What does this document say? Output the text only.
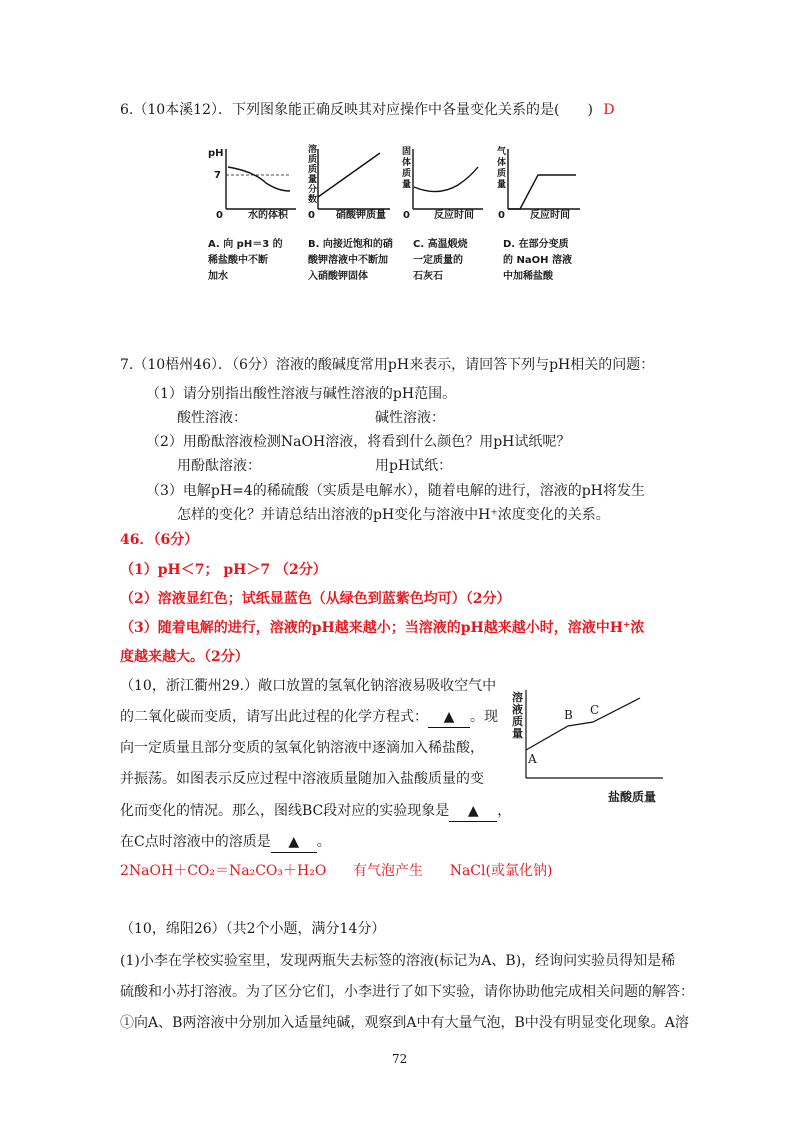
6.（10本溪12）．下列图象能正确反映其对应操作中各量变化关系的是(　　) D
pH
7
0	水的体积
溶质质量分数
0 硝酸钾质量
固体质量
0 反应时间
气体质量
0	反应时间
A. 向 pH＝3 的
稀盐酸中不断
加水
B. 向接近饱和的硝
酸钾溶液中不断加
入硝酸钾固体
C. 高温煅烧
一定质量的
石灰石
D. 在部分变质
的 NaOH 溶液
中加稀盐酸
7.（10梧州46）．（6分）溶液的酸碱度常用pH来表示，请回答下列与pH相关的问题：
（1）请分别指出酸性溶液与碱性溶液的pH范围。
酸性溶液：	碱性溶液：
（2）用酚酞溶液检测NaOH溶液，将看到什么颜色？用pH试纸呢？
用酚酞溶液：	用pH试纸：
（3）电解pH=4的稀硫酸（实质是电解水），随着电解的进行，溶液的pH将发生
怎样的变化？并请总结出溶液的pH变化与溶液中H⁺浓度变化的关系。
46．（6分）
（1）pH＜7； pH＞7 （2分）
（2）溶液显红色；试纸显蓝色（从绿色到蓝紫色均可）（2分）
（3）随着电解的进行，溶液的pH越来越小；当溶液的pH越来越小时，溶液中H⁺浓
度越来越大。（2分）
（10，浙江衢州29.）敞口放置的氢氧化钠溶液易吸收空气中
的二氧化碳而变质，请写出此过程的化学方程式： ▲ 。现
向一定质量且部分变质的氢氧化钠溶液中逐滴加入稀盐酸，
并振荡。如图表示反应过程中溶液质量随加入盐酸质量的变
化而变化的情况。那么，图线BC段对应的实验现象是 ▲ ，
在C点时溶液中的溶质是 ▲ 。
2NaOH＋CO₂＝Na₂CO₃＋H₂O      有气泡产生      NaCl(或氯化钠)
溶液质量
A
B C
盐酸质量
（10，绵阳26）（共2个小题，满分14分）
(1)小李在学校实验室里，发现两瓶失去标签的溶液(标记为A、B)，经询问实验员得知是稀
硫酸和小苏打溶液。为了区分它们，小李进行了如下实验，请你协助他完成相关问题的解答：
①向A、B两溶液中分别加入适量纯碱，观察到A中有大量气泡，B中没有明显变化现象。A溶
72
